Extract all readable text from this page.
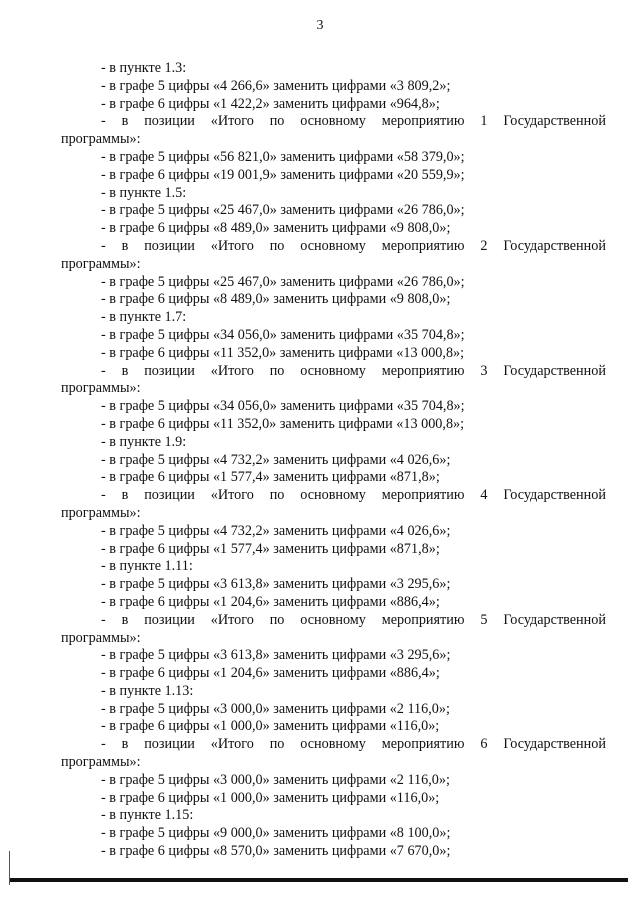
3
- в пункте 1.3:
- в графе 5 цифры «4 266,6» заменить цифрами «3 809,2»;
- в графе 6 цифры «1 422,2» заменить цифрами «964,8»;
- в позиции «Итого по основному мероприятию 1 Государственной
программы»:
- в графе 5 цифры «56 821,0» заменить цифрами «58 379,0»;
- в графе 6 цифры «19 001,9» заменить цифрами «20 559,9»;
- в пункте 1.5:
- в графе 5 цифры «25 467,0» заменить цифрами «26 786,0»;
- в графе 6 цифры «8 489,0» заменить цифрами «9 808,0»;
- в позиции «Итого по основному мероприятию 2 Государственной
программы»:
- в графе 5 цифры «25 467,0» заменить цифрами «26 786,0»;
- в графе 6 цифры «8 489,0» заменить цифрами «9 808,0»;
- в пункте 1.7:
- в графе 5 цифры «34 056,0» заменить цифрами «35 704,8»;
- в графе 6 цифры «11 352,0» заменить цифрами «13 000,8»;
- в позиции «Итого по основному мероприятию 3 Государственной
программы»:
- в графе 5 цифры «34 056,0» заменить цифрами «35 704,8»;
- в графе 6 цифры «11 352,0» заменить цифрами «13 000,8»;
- в пункте 1.9:
- в графе 5 цифры «4 732,2» заменить цифрами «4 026,6»;
- в графе 6 цифры «1 577,4» заменить цифрами «871,8»;
- в позиции «Итого по основному мероприятию 4 Государственной
программы»:
- в графе 5 цифры «4 732,2» заменить цифрами «4 026,6»;
- в графе 6 цифры «1 577,4» заменить цифрами «871,8»;
- в пункте 1.11:
- в графе 5 цифры «3 613,8» заменить цифрами «3 295,6»;
- в графе 6 цифры «1 204,6» заменить цифрами «886,4»;
- в позиции «Итого по основному мероприятию 5 Государственной
программы»:
- в графе 5 цифры «3 613,8» заменить цифрами «3 295,6»;
- в графе 6 цифры «1 204,6» заменить цифрами «886,4»;
- в пункте 1.13:
- в графе 5 цифры «3 000,0» заменить цифрами «2 116,0»;
- в графе 6 цифры «1 000,0» заменить цифрами «116,0»;
- в позиции «Итого по основному мероприятию 6 Государственной
программы»:
- в графе 5 цифры «3 000,0» заменить цифрами «2 116,0»;
- в графе 6 цифры «1 000,0» заменить цифрами «116,0»;
- в пункте 1.15:
- в графе 5 цифры «9 000,0» заменить цифрами «8 100,0»;
- в графе 6 цифры «8 570,0» заменить цифрами «7 670,0»;
